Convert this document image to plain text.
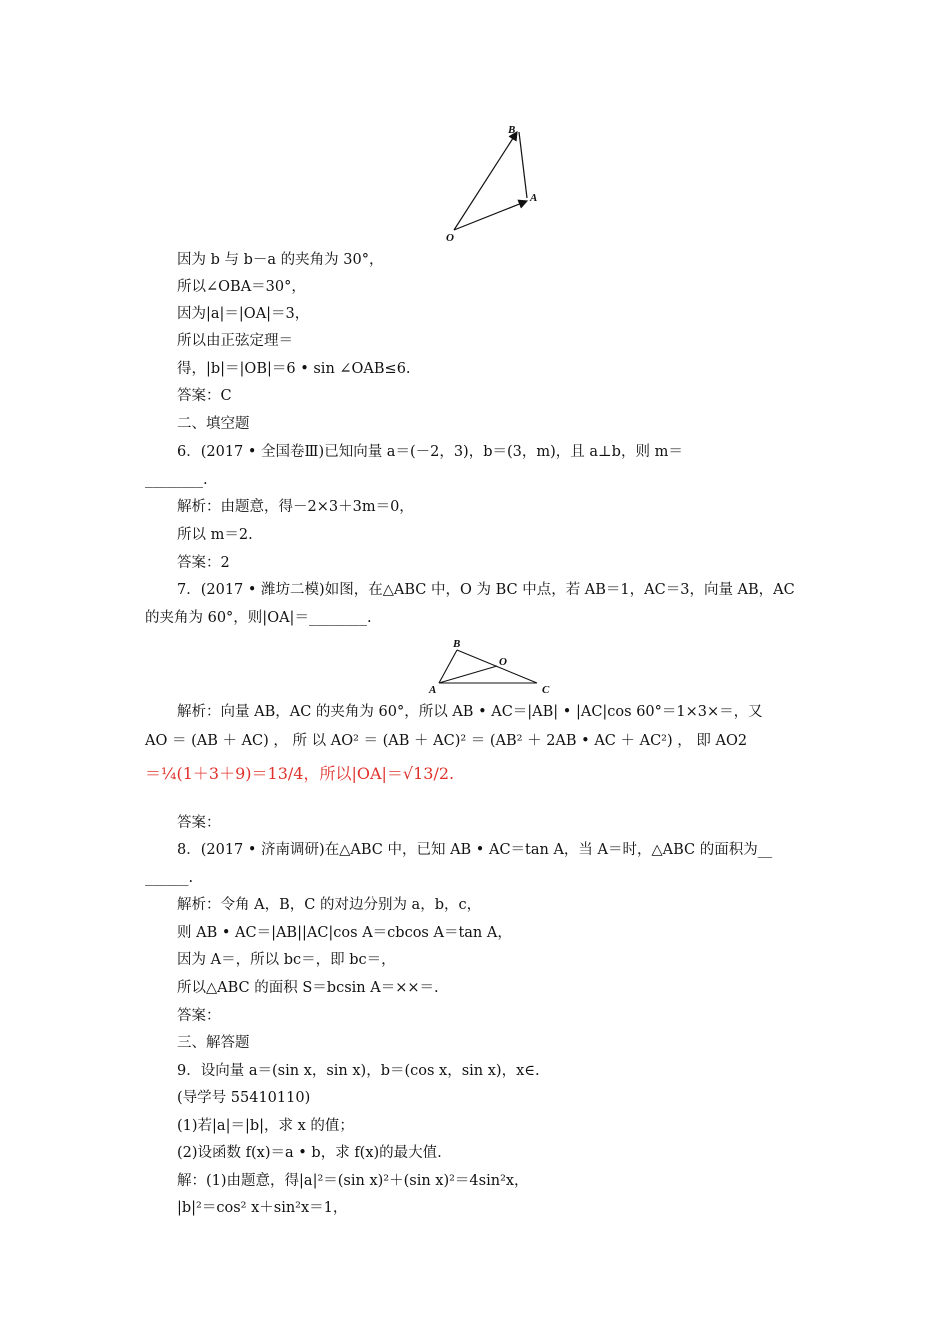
B
A
O
因为 b 与 b－a 的夹角为 30°，
所以∠OBA＝30°，
因为|a|＝|OA|＝3，
所以由正弦定理＝
得，|b|＝|OB|＝6 • sin ∠OAB≤6.
答案：C
二、填空题
6．(2017 • 全国卷Ⅲ)已知向量 a＝(－2，3)，b＝(3，m)，且 a⊥b，则 m＝
________.
解析：由题意，得－2×3＋3m＝0，
所以 m＝2.
答案：2
7．(2017 • 潍坊二模)如图，在△ABC 中，O 为 BC 中点，若 AB＝1，AC＝3，向量 AB，AC
的夹角为 60°，则|OA|＝________.
B
O
A	C
解析：向量 AB，AC 的夹角为 60°，所以 AB • AC＝|AB| • |AC|cos 60°＝1×3×＝，又
AO ＝ (AB ＋ AC) ， 所 以 AO² ＝ (AB ＋ AC)² ＝ (AB² ＋ 2AB • AC ＋ AC²) ， 即 AO2
＝¼(1＋3＋9)＝13/4，所以|OA|＝√13/2.
答案：
8．(2017 • 济南调研)在△ABC 中，已知 AB • AC＝tan A，当 A＝时，△ABC 的面积为__
______.
解析：令角 A，B，C 的对边分别为 a，b，c，
则 AB • AC＝|AB||AC|cos A＝cbcos A＝tan A，
因为 A＝，所以 bc＝，即 bc＝，
所以△ABC 的面积 S＝bcsin A＝××＝.
答案：
三、解答题
9．设向量 a＝(sin x，sin x)，b＝(cos x，sin x)，x∈.
(导学号 55410110)
(1)若|a|＝|b|，求 x 的值；
(2)设函数 f(x)＝a • b，求 f(x)的最大值.
解：(1)由题意，得|a|²＝(sin x)²＋(sin x)²＝4sin²x，
|b|²＝cos² x＋sin²x＝1，
